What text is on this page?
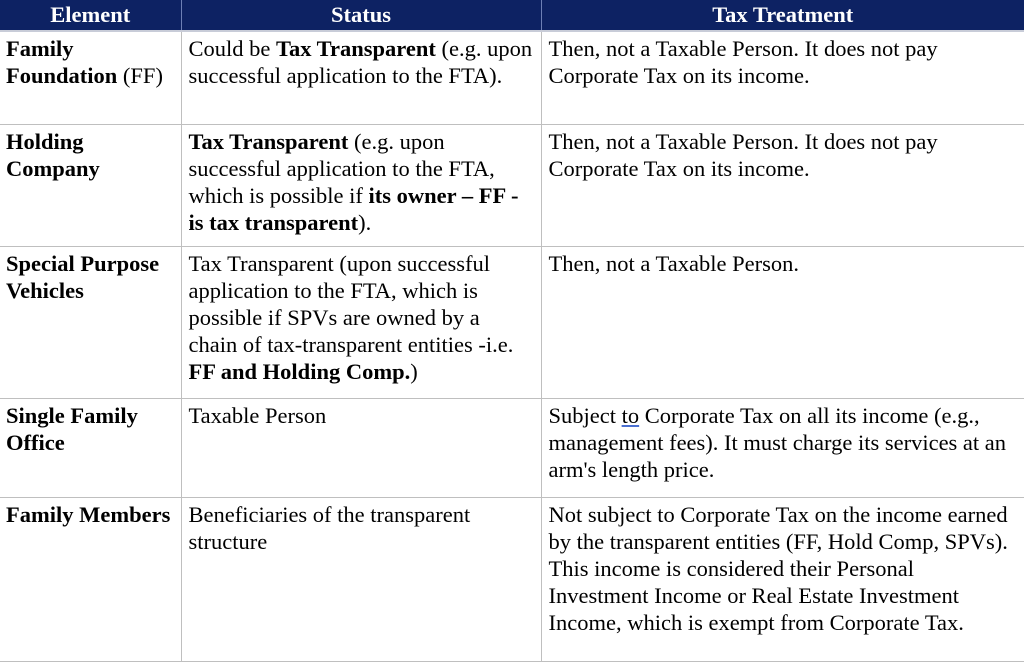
Element	Status	Tax Treatment
Family Foundation (FF)	Could be Tax Transparent (e.g. upon successful application to the FTA).	Then, not a Taxable Person. It does not pay Corporate Tax on its income.
Holding Company	Tax Transparent (e.g. upon successful application to the FTA, which is possible if its owner – FF - is tax transparent).	Then, not a Taxable Person. It does not pay Corporate Tax on its income.
Special Purpose Vehicles	Tax Transparent (upon successful application to the FTA, which is possible if SPVs are owned by a chain of tax-transparent entities -i.e. FF and Holding Comp.)	Then, not a Taxable Person.
Single Family Office	Taxable Person	Subject to Corporate Tax on all its income (e.g., management fees). It must charge its services at an arm's length price.
Family Members	Beneficiaries of the transparent structure	Not subject to Corporate Tax on the income earned by the transparent entities (FF, Hold Comp, SPVs). This income is considered their Personal Investment Income or Real Estate Investment Income, which is exempt from Corporate Tax.
